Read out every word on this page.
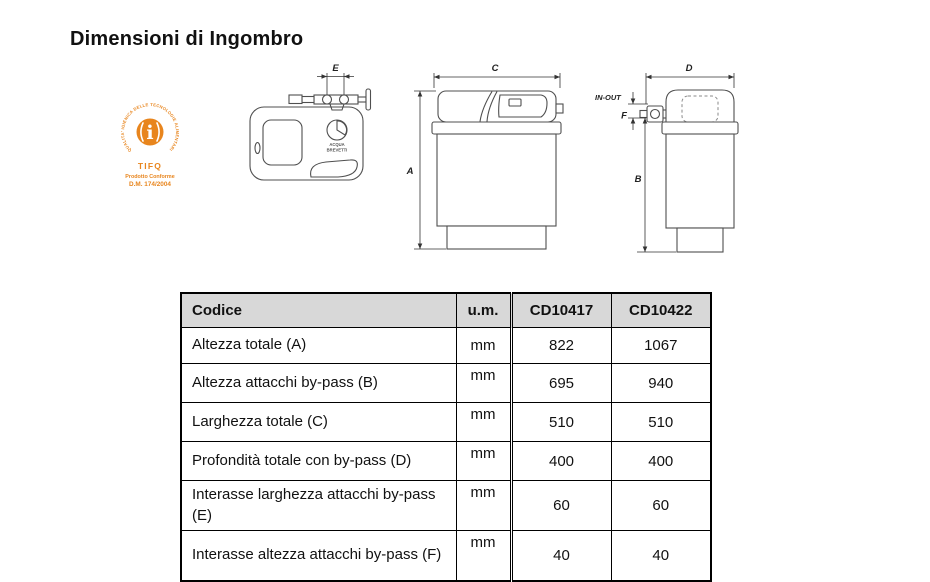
Dimensioni di Ingombro
QUALITA' IGIENICA DELLE TECNOLOGIE ALIMENTARI
i
TIFQ
Prodotto Conforme
D.M. 174/2004
ACQUA
BREVETTI
E	C
A
D
IN-OUT
F
B
Codice	u.m.	CD10417	CD10422
Altezza totale (A)	mm	822	1067
Altezza attacchi by-pass (B)	mm	695	940
Larghezza totale (C)	mm	510	510
Profondità totale con by-pass (D)	mm	400	400
Interasse larghezza attacchi by-pass (E)	mm	60	60
Interasse altezza attacchi by-pass (F)	mm	40	40
